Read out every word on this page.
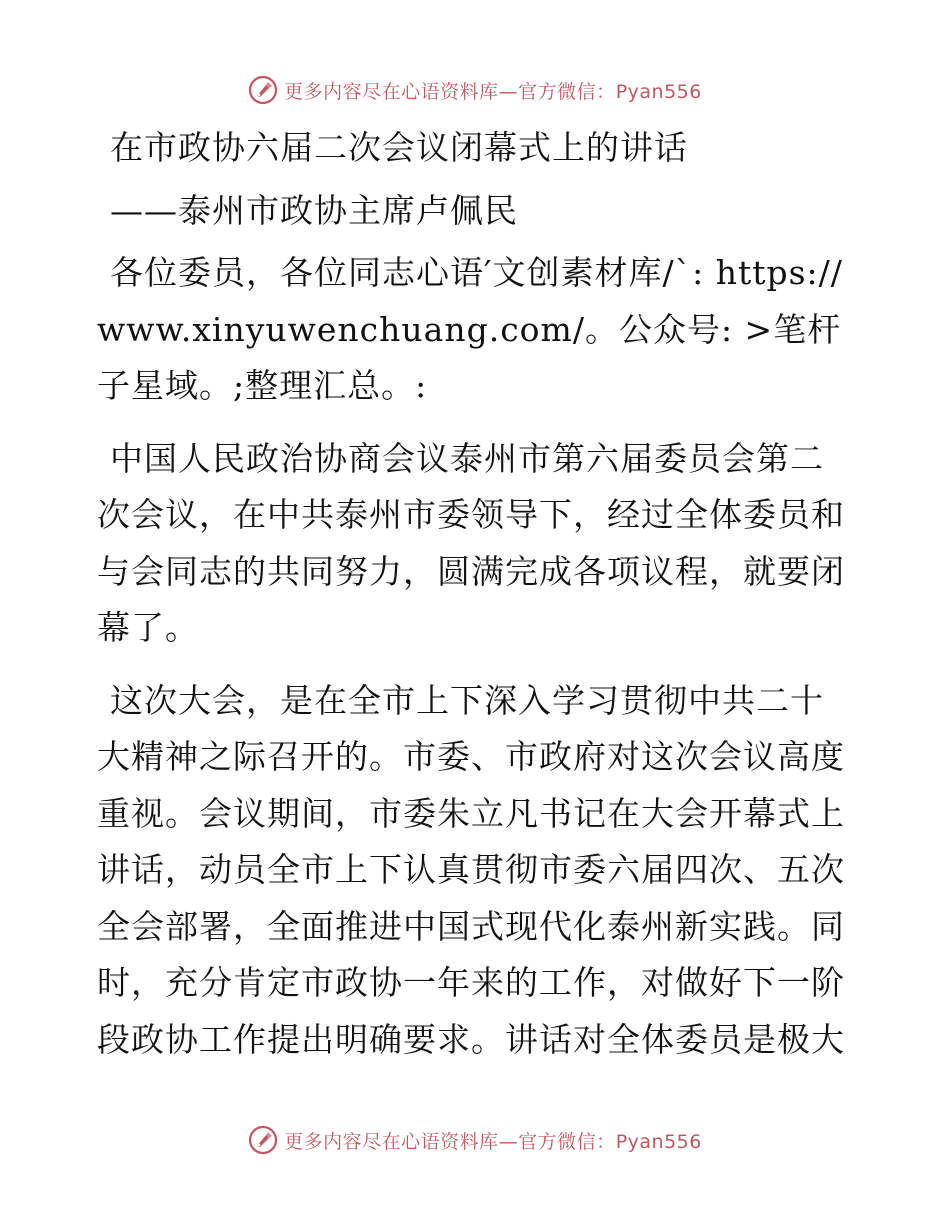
更多内容尽在心语资料库—官方微信：Pyan556

在市政协六届二次会议闭幕式上的讲话

——泰州市政协主席卢佩民

各位委员，各位同志心语′文创素材库/`: https://www.xinyuwenchuang.com/。公众号: >笔杆子星域。;整理汇总。:

中国人民政治协商会议泰州市第六届委员会第二次会议，在中共泰州市委领导下，经过全体委员和与会同志的共同努力，圆满完成各项议程，就要闭幕了。

这次大会，是在全市上下深入学习贯彻中共二十大精神之际召开的。市委、市政府对这次会议高度重视。会议期间，市委朱立凡书记在大会开幕式上讲话，动员全市上下认真贯彻市委六届四次、五次全会部署，全面推进中国式现代化泰州新实践。同时，充分肯定市政协一年来的工作，对做好下一阶段政协工作提出明确要求。讲话对全体委员是极大

更多内容尽在心语资料库—官方微信：Pyan556
